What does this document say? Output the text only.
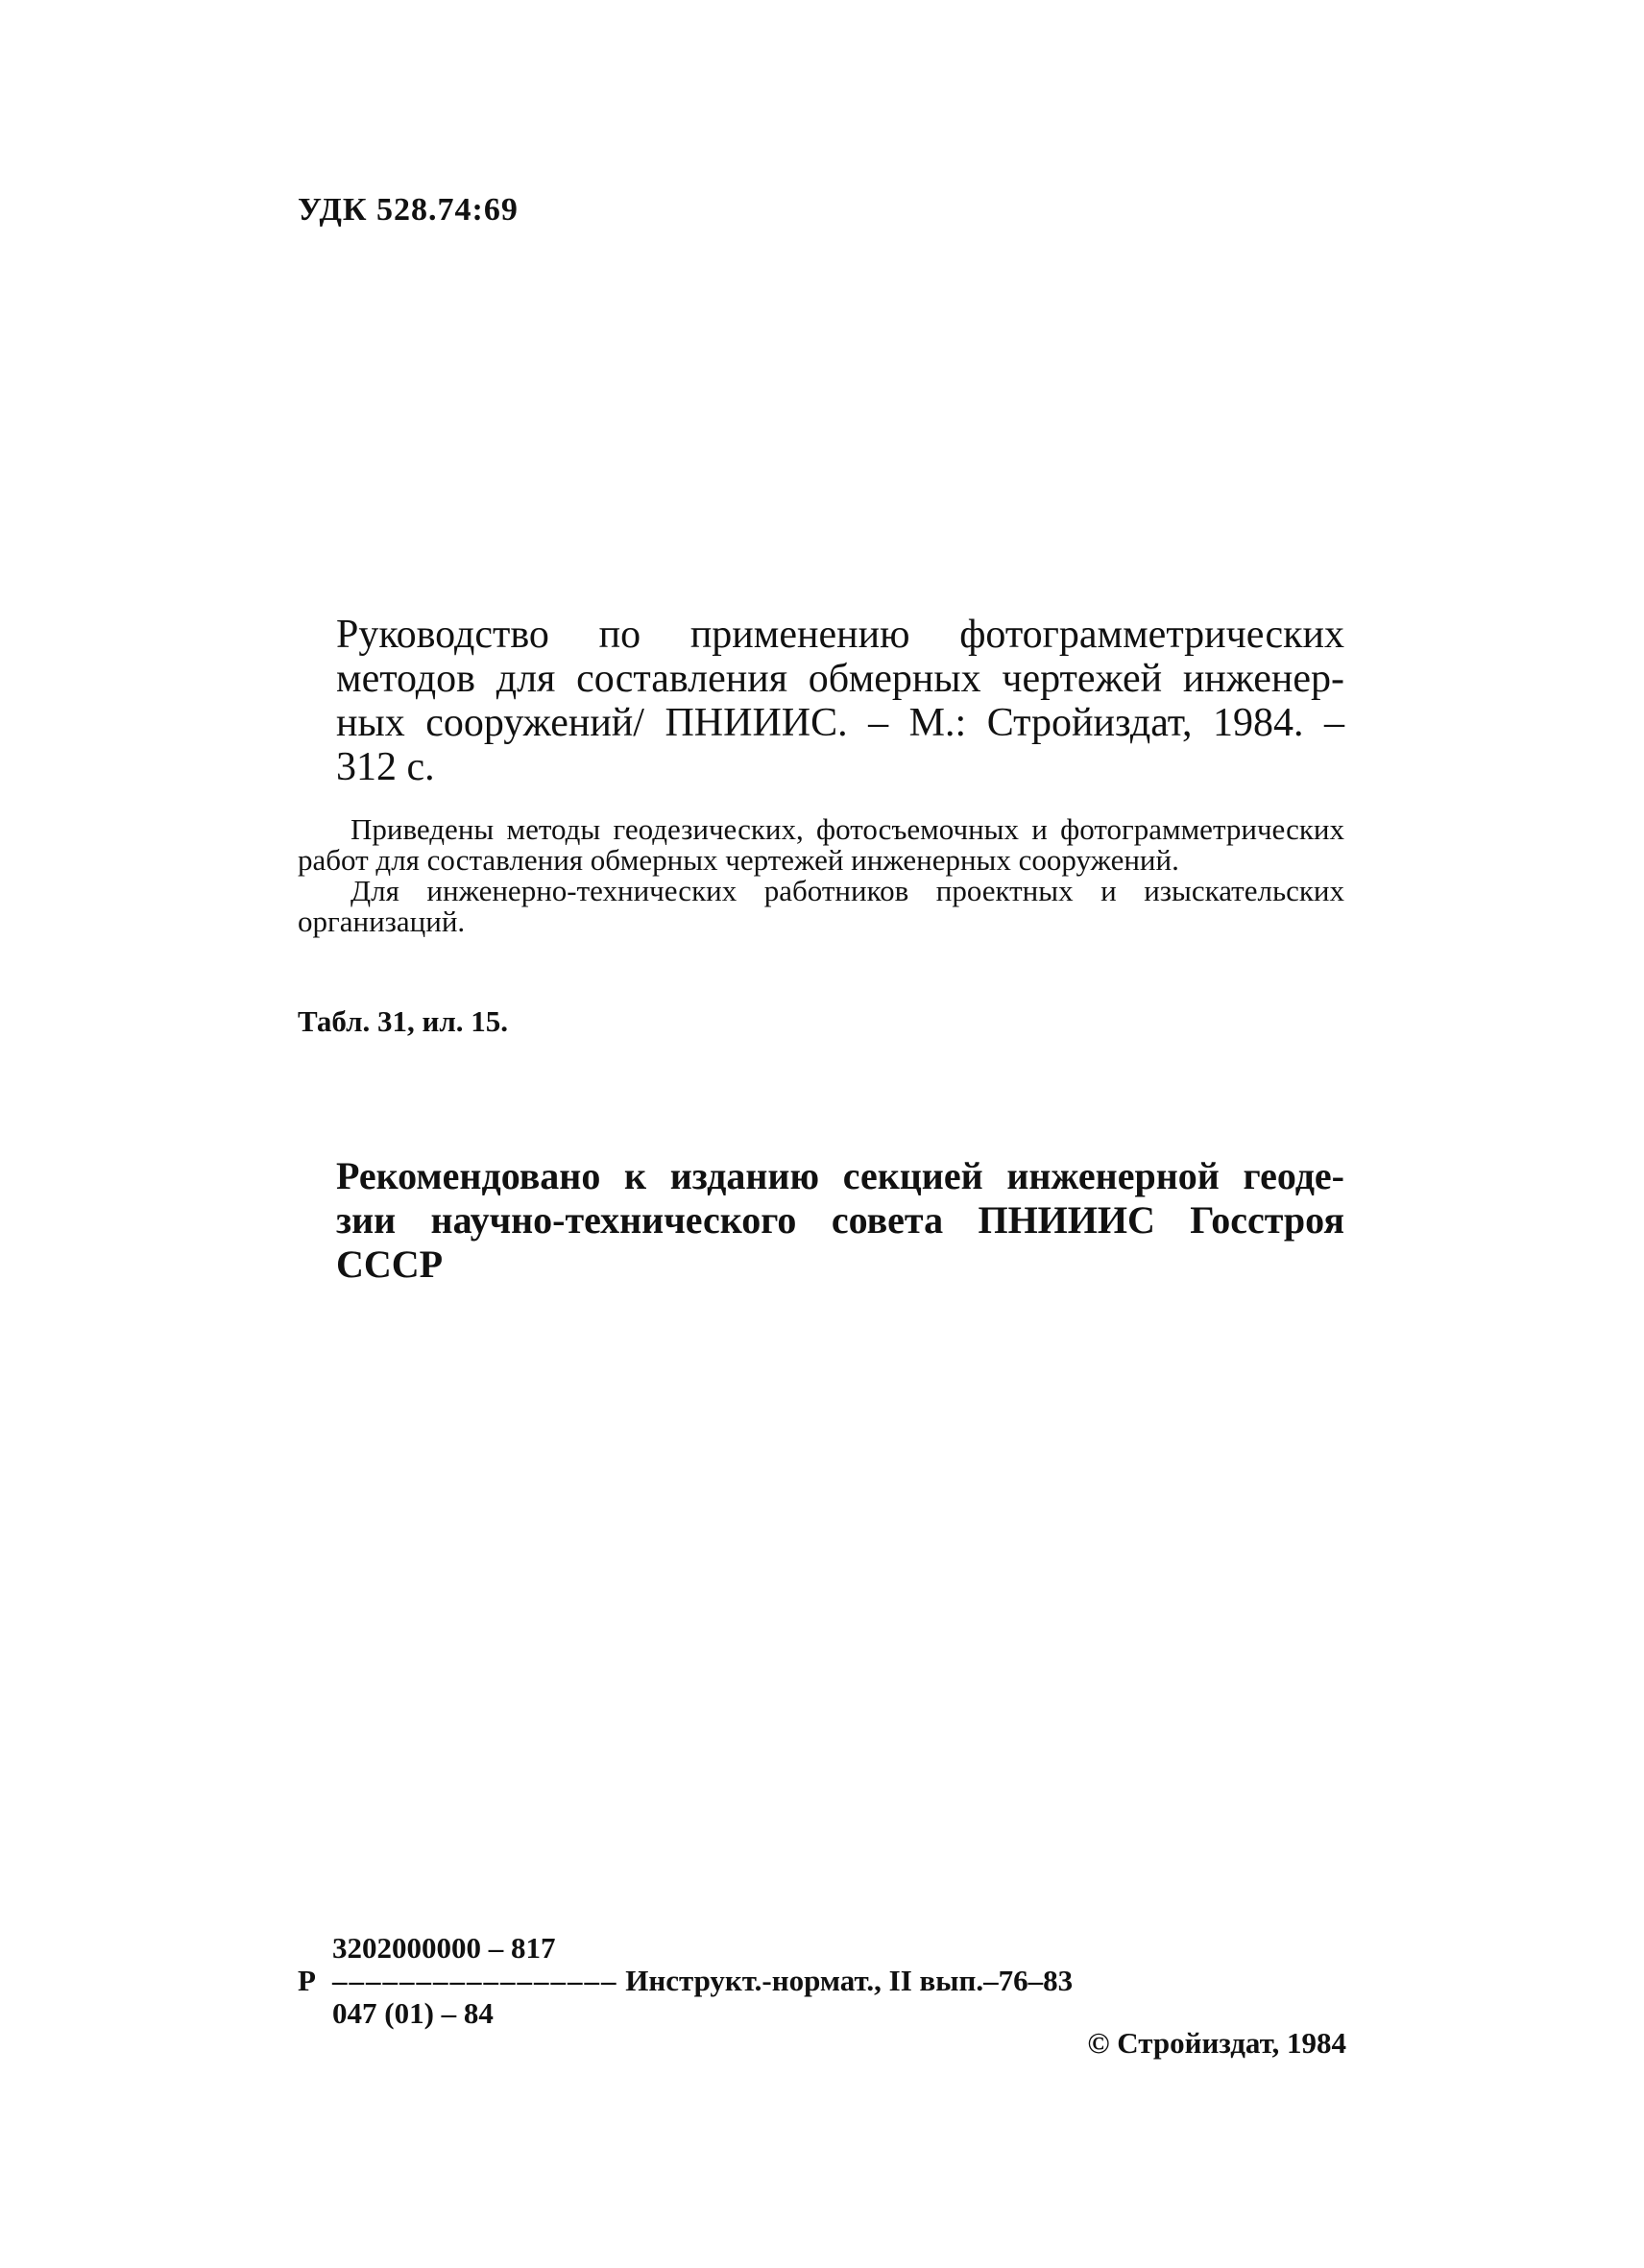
УДК 528.74:69
Руководство по применению фотограмметрических
методов для составления обмерных чертежей инженер-
ных сооружений/ ПНИИИС. – М.: Стройиздат, 1984. –
312 с.

Приведены методы геодезических, фотосъемочных и фотограмметрических работ для составления обмерных чертежей инженерных сооружений.

Для инженерно-технических работников проектных и изыскательских организаций.

Табл. 31, ил. 15.
Рекомендовано к изданию секцией инженерной геоде-
зии научно-технического совета ПНИИИС Госстроя СССР
3202000000 – 817
Р –––––––––––––––––
Инструкт.-нормат., II вып.–76–83
047 (01) – 84
© Стройиздат, 1984
